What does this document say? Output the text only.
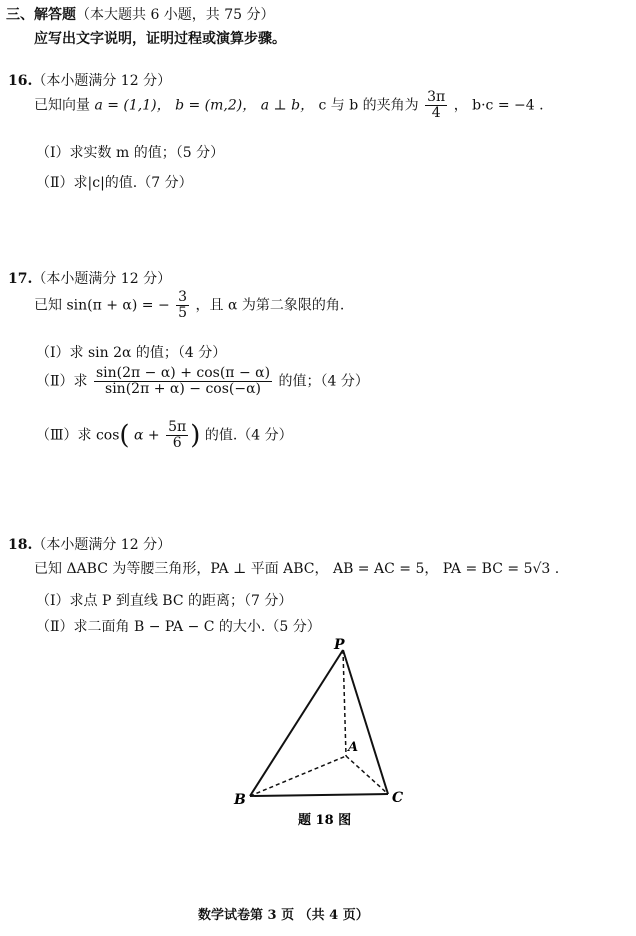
三、解答题（本大题共 6 小题，共 75 分）
应写出文字说明，证明过程或演算步骤。
16.（本小题满分 12 分）
已知向量 a = (1,1)， b = (m,2)， a ⊥ b， c 与 b 的夹角为 $\frac{3\pi}{4}$ ， b·c = −4 .
（Ⅰ）求实数 m 的值；（5 分）
（Ⅱ）求|c|的值.（7 分）
17.（本小题满分 12 分）
已知 sin(π + α) = − $\frac{3}{5}$ ，且 α 为第二象限的角.
（Ⅰ）求 sin 2α 的值；（4 分）
（Ⅱ）求 $\frac{\sin(2\pi - \alpha) + \cos(\pi - \alpha)}{\sin(2\pi + \alpha) - \cos(-\alpha)}$ 的值；（4 分）
（Ⅲ）求 cos( $\alpha + \frac{5\pi}{6}$ ) 的值.（4 分）
18.（本小题满分 12 分）
已知 ΔABC 为等腰三角形，PA ⊥ 平面 ABC， AB = AC = 5， PA = BC = 5√3 .
（Ⅰ）求点 P 到直线 BC 的距离；（7 分）
（Ⅱ）求二面角 B − PA − C 的大小.（5 分）
P
A
B	C
题 18 图
数学试卷第 3 页 （共 4 页）
